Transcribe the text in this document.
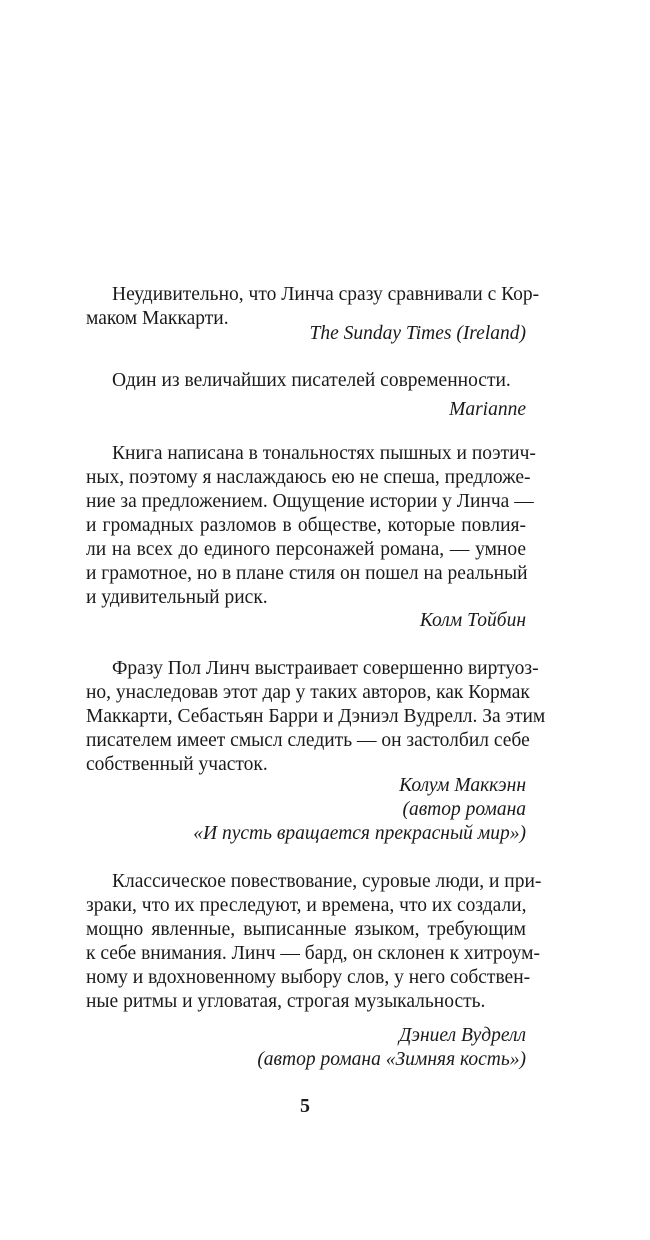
Неудивительно, что Линча сразу сравнивали с Кор-
маком Маккарти.
The Sunday Times (Ireland)
Один из величайших писателей современности.
Marianne
Книга написана в тональностях пышных и поэтич-
ных, поэтому я наслаждаюсь ею не спеша, предложе-
ние за предложением. Ощущение истории у Линча —
и громадных разломов в обществе, которые повлия-
ли на всех до единого персонажей романа, — умное
и грамотное, но в плане стиля он пошел на реальный
и удивительный риск.
Колм Тойбин
Фразу Пол Линч выстраивает совершенно виртуоз-
но, унаследовав этот дар у таких авторов, как Кормак
Маккарти, Себастьян Барри и Дэниэл Вудрелл. За этим
писателем имеет смысл следить — он застолбил себе
собственный участок.
Колум Маккэнн
(автор романа
«И пусть вращается прекрасный мир»)
Классическое повествование, суровые люди, и при-
зраки, что их преследуют, и времена, что их создали,
мощно явленные, выписанные языком, требующим
к себе внимания. Линч — бард, он склонен к хитроум-
ному и вдохновенному выбору слов, у него собствен-
ные ритмы и угловатая, строгая музыкальность.
Дэниел Вудрелл
(автор романа «Зимняя кость»)
5
